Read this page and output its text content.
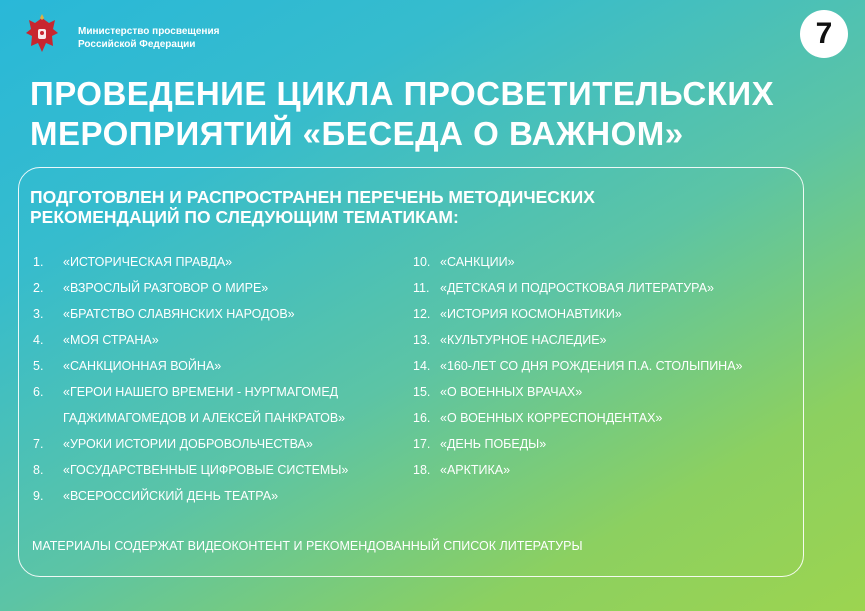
Министерство просвещения
Российской Федерации	7
ПРОВЕДЕНИЕ ЦИКЛА ПРОСВЕТИТЕЛЬСКИХ
МЕРОПРИЯТИЙ «БЕСЕДА О ВАЖНОМ»
ПОДГОТОВЛЕН И РАСПРОСТРАНЕН ПЕРЕЧЕНЬ МЕТОДИЧЕСКИХ
РЕКОМЕНДАЦИЙ ПО СЛЕДУЮЩИМ ТЕМАТИКАМ:
1 . «ИСТОРИЧЕСКАЯ ПРАВДА»
2 . «ВЗРОСЛЫЙ РАЗГОВОР О МИРЕ»
3 . «БРАТСТВО СЛАВЯНСКИХ НАРОДОВ»
4 . «МОЯ СТРАНА»
5 . «САНКЦИОННАЯ ВОЙНА»
6 . «ГЕРОИ НАШЕГО ВРЕМЕНИ - НУРГМАГОМЕД
ГАДЖИМАГОМЕДОВ И АЛЕКСЕЙ ПАНКРАТОВ»
7 . «УРОКИ ИСТОРИИ ДОБРОВОЛЬЧЕСТВА»
8 . «ГОСУДАРСТВЕННЫЕ ЦИФРОВЫЕ СИСТЕМЫ»
9 . «ВСЕРОССИЙСКИЙ ДЕНЬ ТЕАТРА»
10 . «САНКЦИИ»
11 . «ДЕТСКАЯ И ПОДРОСТКОВАЯ ЛИТЕРАТУРА»
12 . «ИСТОРИЯ КОСМОНАВТИКИ»
13 . «КУЛЬТУРНОЕ НАСЛЕДИЕ»
14 . «160-ЛЕТ СО ДНЯ РОЖДЕНИЯ П.А. СТОЛЫПИНА»
15 . «О ВОЕННЫХ ВРАЧАХ»
16 . «О ВОЕННЫХ КОРРЕСПОНДЕНТАХ»
17 . «ДЕНЬ ПОБЕДЫ»
18 . «АРКТИКА»
МАТЕРИАЛЫ СОДЕРЖАТ ВИДЕОКОНТЕНТ И РЕКОМЕНДОВАННЫЙ СПИСОК ЛИТЕРАТУРЫ
